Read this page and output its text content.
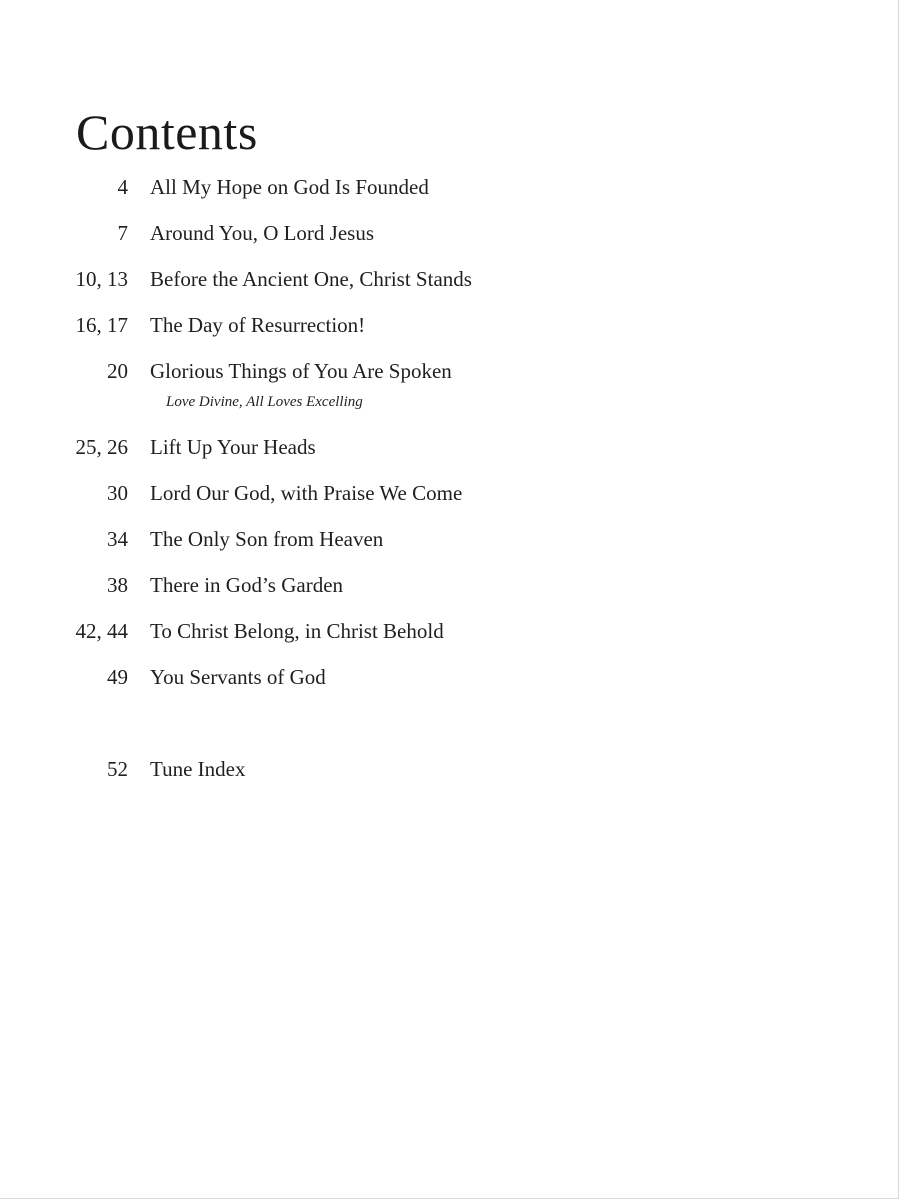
Contents
4 All My Hope on God Is Founded
7 Around You, O Lord Jesus
10, 13 Before the Ancient One, Christ Stands
16, 17 The Day of Resurrection!
20 Glorious Things of You Are Spoken
Love Divine, All Loves Excelling
25, 26 Lift Up Your Heads
30 Lord Our God, with Praise We Come
34 The Only Son from Heaven
38 There in God’s Garden
42, 44 To Christ Belong, in Christ Behold
49 You Servants of God
52 Tune Index
